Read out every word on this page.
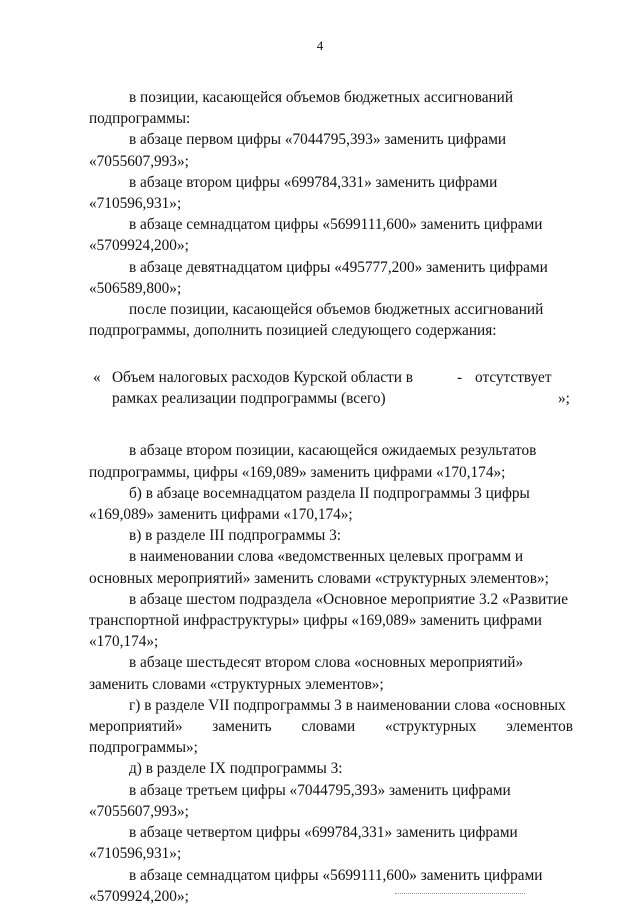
4

в позиции, касающейся объемов бюджетных ассигнований

подпрограммы:

в абзаце первом цифры «7044795,393» заменить цифрами

«7055607,993»;

в абзаце втором цифры «699784,331» заменить цифрами

«710596,931»;

в абзаце семнадцатом цифры «5699111,600» заменить цифрами

«5709924,200»;

в абзаце девятнадцатом цифры «495777,200» заменить цифрами

«506589,800»;

после позиции, касающейся объемов бюджетных ассигнований

подпрограммы, дополнить позицией следующего содержания:

« Объем налоговых расходов Курской области в	- отсутствует
рамках реализации подпрограммы (всего)	»;

в абзаце втором позиции, касающейся ожидаемых результатов

подпрограммы, цифры «169,089» заменить цифрами «170,174»;

б) в абзаце восемнадцатом раздела II подпрограммы 3 цифры

«169,089» заменить цифрами «170,174»;

в) в разделе III подпрограммы 3:

в наименовании слова «ведомственных целевых программ и

основных мероприятий» заменить словами «структурных элементов»;

в абзаце шестом подраздела «Основное мероприятие 3.2 «Развитие

транспортной инфраструктуры» цифры «169,089» заменить цифрами

«170,174»;

в абзаце шестьдесят втором слова «основных мероприятий»

заменить словами «структурных элементов»;

г) в разделе VII подпрограммы 3 в наименовании слова «основных

мероприятий» заменить словами «структурных элементов подпрограммы»;

д) в разделе IX подпрограммы 3:

в абзаце третьем цифры «7044795,393» заменить цифрами

«7055607,993»;

в абзаце четвертом цифры «699784,331» заменить цифрами

«710596,931»;

в абзаце семнадцатом цифры «5699111,600» заменить цифрами

«5709924,200»;
